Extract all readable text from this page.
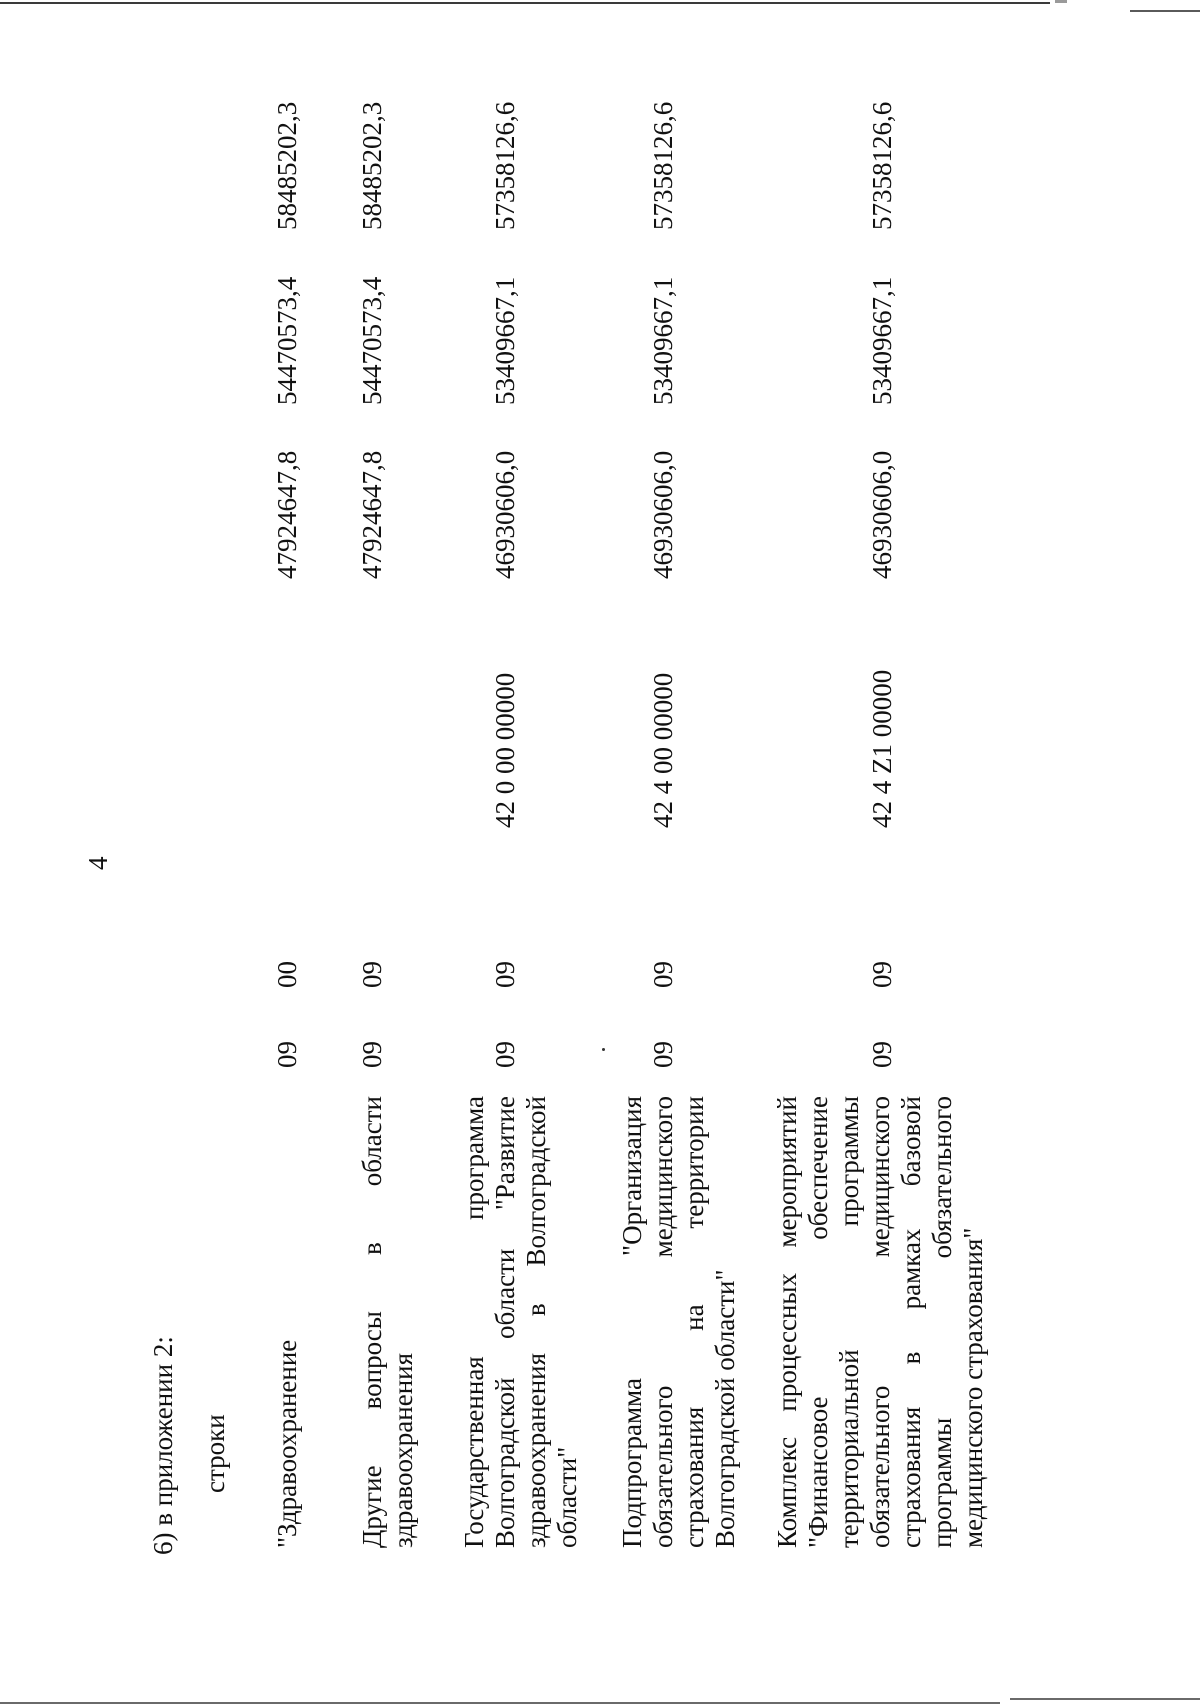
4
6) в приложении 2: строки "Здравоохранение
09
00
47924647,8
54470573,4
58485202,3
Другие вопросы в области здравоохранения
09
09
47924647,8
54470573,4
58485202,3
Государственная программа Волгоградской области "Развитие здравоохранения в Волгоградской области"
09
09
42 0 00 00000
46930606,0
53409667,1
57358126,6
Подпрограмма "Организация обязательного медицинского страхования на территории Волгоградской области"
09
09
42 4 00 00000
46930606,0
53409667,1
57358126,6
Комплекс процессных мероприятий "Финансовое обеспечение территориальной программы обязательного медицинского страхования в рамках базовой программы обязательного медицинского страхования"
09
09
42 4 Z1 00000
46930606,0
53409667,1
57358126,6
